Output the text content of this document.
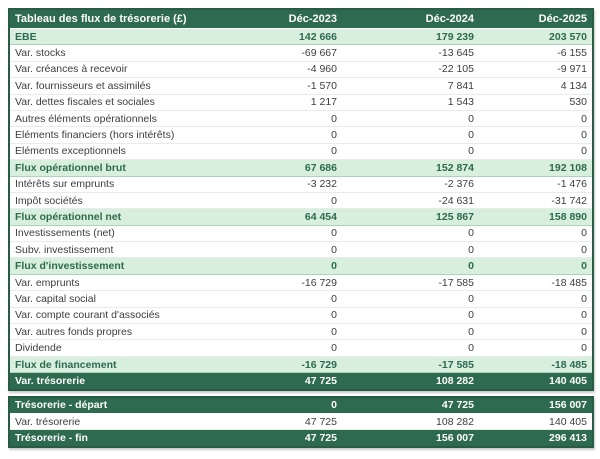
Tableau des flux de trésorerie (£)	Déc-2023	Déc-2024	Déc-2025
EBE	142 666	179 239	203 570
Var. stocks	-69 667	-13 645	-6 155
Var. créances à recevoir	-4 960	-22 105	-9 971
Var. fournisseurs et assimilés	-1 570	7 841	4 134
Var. dettes fiscales et sociales	1 217	1 543	530
Autres éléments opérationnels	0	0	0
Eléments financiers (hors intérêts)	0	0	0
Eléments exceptionnels	0	0	0
Flux opérationnel brut	67 686	152 874	192 108
Intérêts sur emprunts	-3 232	-2 376	-1 476
Impôt sociétés	0	-24 631	-31 742
Flux opérationnel net	64 454	125 867	158 890
Investissements (net)	0	0	0
Subv. investissement	0	0	0
Flux d'investissement	0	0	0
Var. emprunts	-16 729	-17 585	-18 485
Var. capital social	0	0	0
Var. compte courant d'associés	0	0	0
Var. autres fonds propres	0	0	0
Dividende	0	0	0
Flux de financement	-16 729	-17 585	-18 485
Var. trésorerie	47 725	108 282	140 405
Trésorerie - départ	0	47 725	156 007
Var. trésorerie	47 725	108 282	140 405
Trésorerie - fin	47 725	156 007	296 413
